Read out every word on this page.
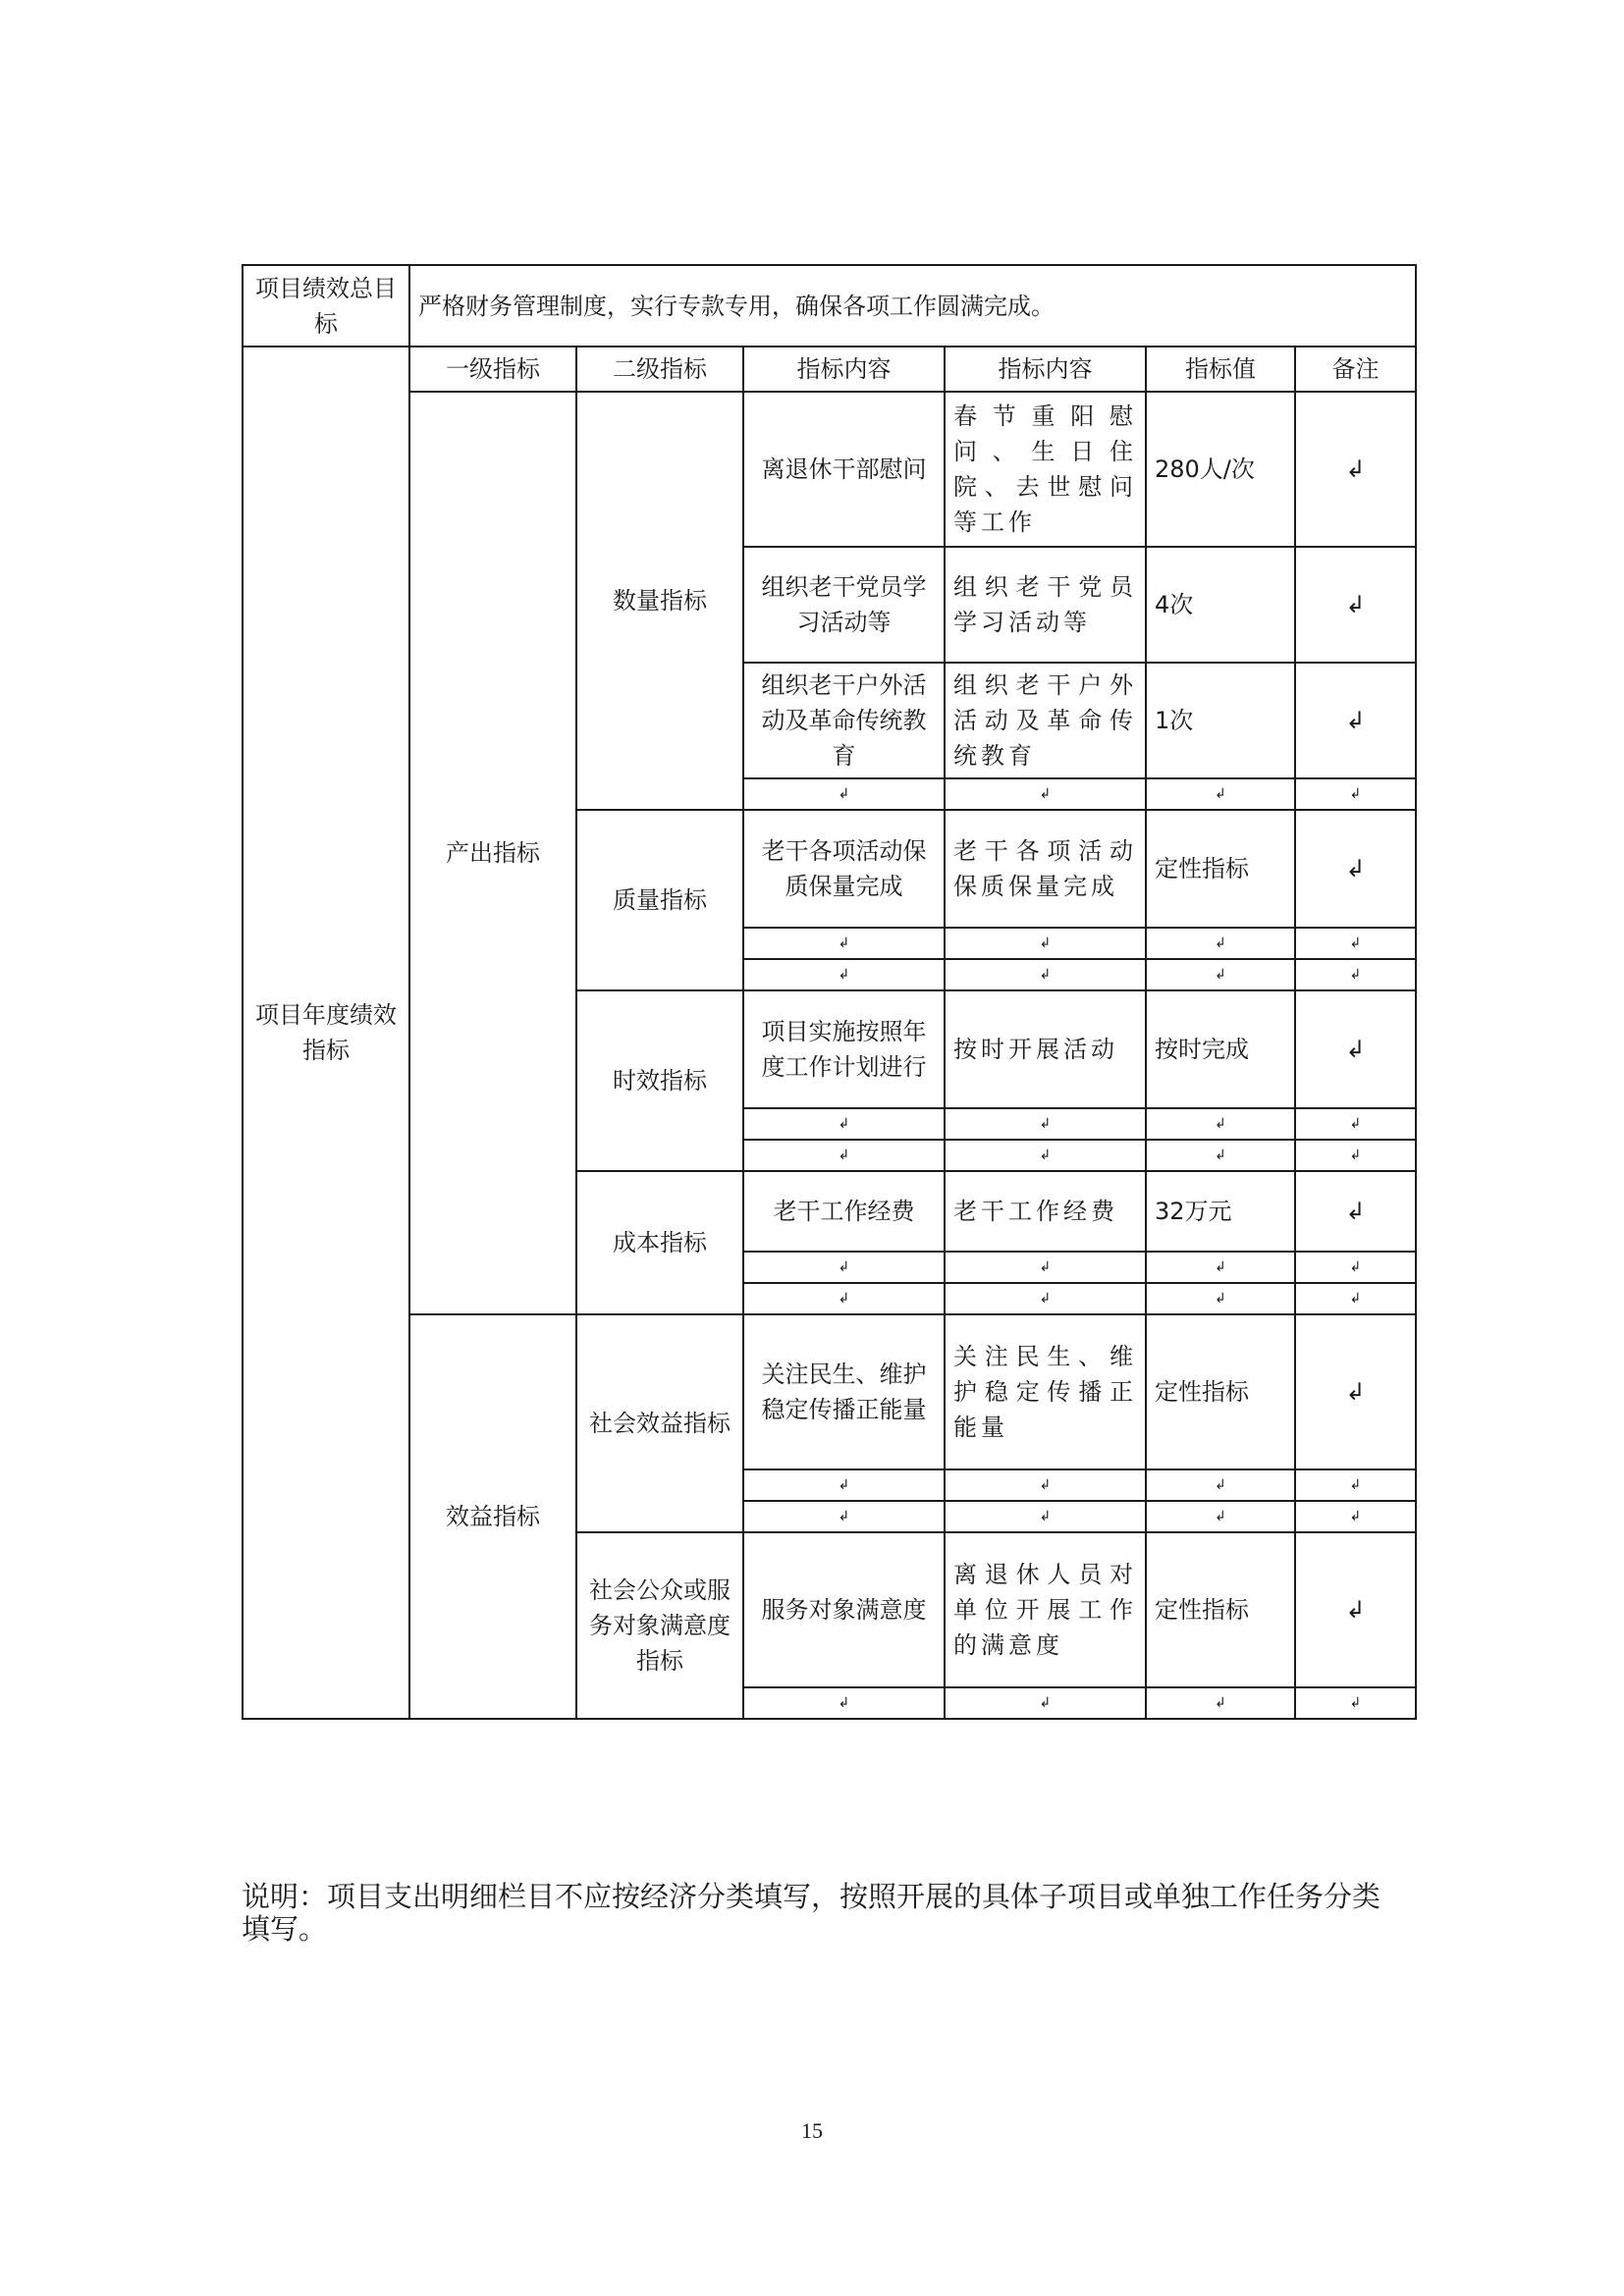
项目绩效总目标	严格财务管理制度，实行专款专用，确保各项工作圆满完成。					
项目年度绩效指标	一级指标	二级指标	指标内容	指标内容	指标值	备注
	产出指标	数量指标	离退休干部慰问	春节重阳慰问、生日住院、去世慰问等工作	280人/次	↲
			组织老干党员学习活动等	组织老干党员学习活动等	4次	↲
			组织老干户外活动及革命传统教育	组织老干户外活动及革命传统教育	1次	↲
			↲	↲	↲	↲
		质量指标	老干各项活动保质保量完成	老干各项活动保质保量完成	定性指标	↲
			↲	↲	↲	↲
			↲	↲	↲	↲
		时效指标	项目实施按照年度工作计划进行	按时开展活动	按时完成	↲
			↲	↲	↲	↲
			↲	↲	↲	↲
		成本指标	老干工作经费	老干工作经费	32万元	↲
			↲	↲	↲	↲
			↲	↲	↲	↲
	效益指标	社会效益指标	关注民生、维护稳定传播正能量	关注民生、维护稳定传播正能量	定性指标	↲
			↲	↲	↲	↲
			↲	↲	↲	↲
		社会公众或服务对象满意度指标	服务对象满意度	离退休人员对单位开展工作的满意度	定性指标	↲
			↲	↲	↲	↲
说明：项目支出明细栏目不应按经济分类填写，按照开展的具体子项目或单独工作任务分类填写。
15
